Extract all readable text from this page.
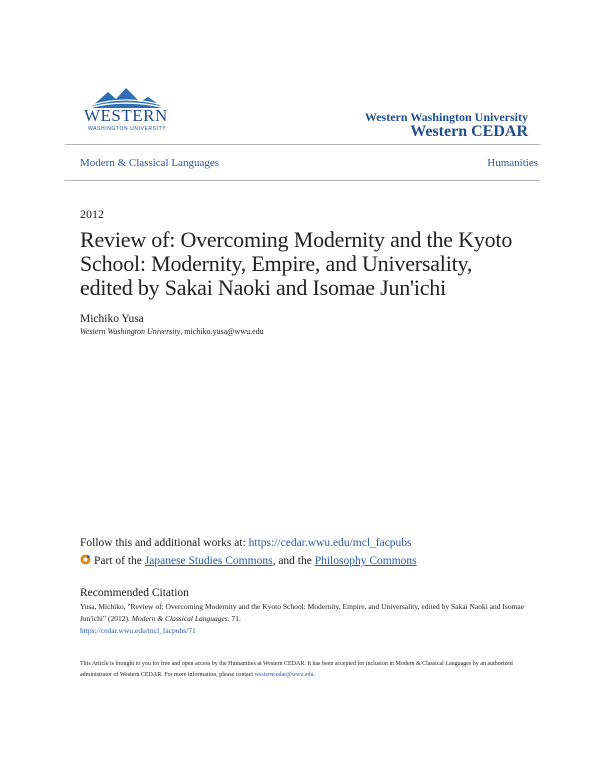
WESTERN
WASHINGTON UNIVERSITY
Western Washington University
Western CEDAR
Modern & Classical Languages	Humanities
2012
Review of: Overcoming Modernity and the Kyoto School: Modernity, Empire, and Universality, edited by Sakai Naoki and Isomae Jun'ichi
Michiko Yusa
Western Washington University, michiko.yusa@wwu.edu
Follow this and additional works at: https://cedar.wwu.edu/mcl_facpubs
Part of the Japanese Studies Commons, and the Philosophy Commons
Recommended Citation
Yusa, Michiko, "Review of: Overcoming Modernity and the Kyoto School: Modernity, Empire, and Universality, edited by Sakai Naoki and Isomae Jun'ichi" (2012). Modern & Classical Languages. 71.
https://cedar.wwu.edu/mcl_facpubs/71
This Article is brought to you for free and open access by the Humanities at Western CEDAR. It has been accepted for inclusion in Modern & Classical Languages by an authorized administrator of Western CEDAR. For more information, please contact westerncedar@wwu.edu.
